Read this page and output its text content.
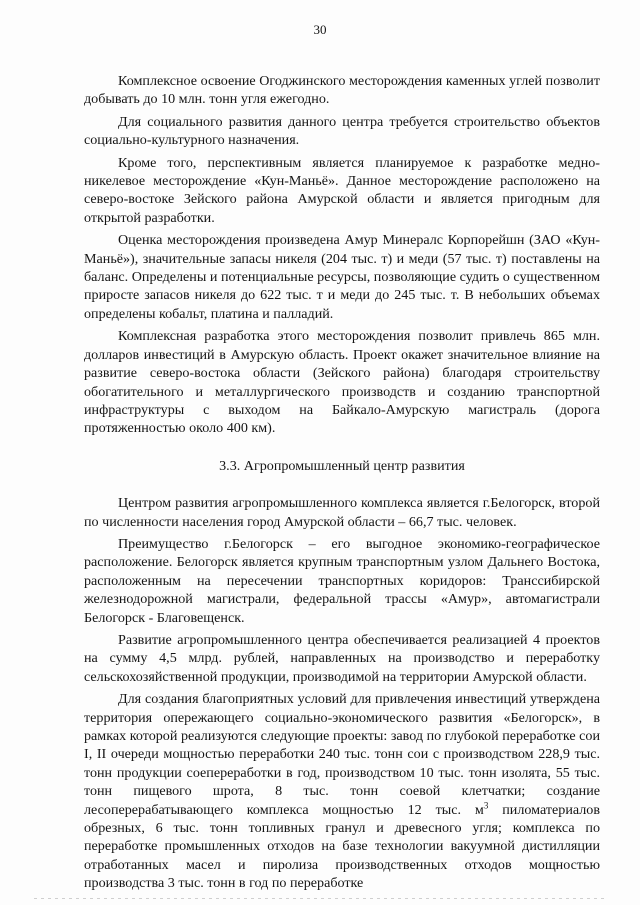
30

Комплексное освоение Огоджинского месторождения каменных углей позволит добывать до 10 млн. тонн угля ежегодно.

Для социального развития данного центра требуется строительство объектов социально-культурного назначения.

Кроме того, перспективным является планируемое к разработке медно-никелевое месторождение «Кун-Маньё». Данное месторождение расположено на северо-востоке Зейского района Амурской области и является пригодным для открытой разработки.

Оценка месторождения произведена Амур Минералс Корпорейшн (ЗАО «Кун-Маньё»), значительные запасы никеля (204 тыс. т) и меди (57 тыс. т) поставлены на баланс. Определены и потенциальные ресурсы, позволяющие судить о существенном приросте запасов никеля до 622 тыс. т и меди до 245 тыс. т. В небольших объемах определены кобальт, платина и палладий.

Комплексная разработка этого месторождения позволит привлечь 865 млн. долларов инвестиций в Амурскую область. Проект окажет значительное влияние на развитие северо-востока области (Зейского района) благодаря строительству обогатительного и металлургического производств и созданию транспортной инфраструктуры с выходом на Байкало-Амурскую магистраль (дорога протяженностью около 400 км).

3.3. Агропромышленный центр развития

Центром развития агропромышленного комплекса является г.Белогорск, второй по численности населения город Амурской области – 66,7 тыс. человек.

Преимущество г.Белогорск – его выгодное экономико-географическое расположение. Белогорск является крупным транспортным узлом Дальнего Востока, расположенным на пересечении транспортных коридоров: Транссибирской железнодорожной магистрали, федеральной трассы «Амур», автомагистрали Белогорск - Благовещенск.

Развитие агропромышленного центра обеспечивается реализацией 4 проектов на сумму 4,5 млрд. рублей, направленных на производство и переработку сельскохозяйственной продукции, производимой на территории Амурской области.

Для создания благоприятных условий для привлечения инвестиций утверждена территория опережающего социально-экономического развития «Белогорск», в рамках которой реализуются следующие проекты: завод по глубокой переработке сои I, II очереди мощностью переработки 240 тыс. тонн сои с производством 228,9 тыс. тонн продукции соепереработки в год, производством 10 тыс. тонн изолята, 55 тыс. тонн пищевого шрота, 8 тыс. тонн соевой клетчатки; создание лесоперерабатывающего комплекса мощностью 12 тыс. $м^3$ пиломатериалов обрезных, 6 тыс. тонн топливных гранул и древесного угля; комплекса по переработке промышленных отходов на базе технологии вакуумной дистилляции отработанных масел и пиролиза производственных отходов мощностью производства 3 тыс. тонн в год по переработке
